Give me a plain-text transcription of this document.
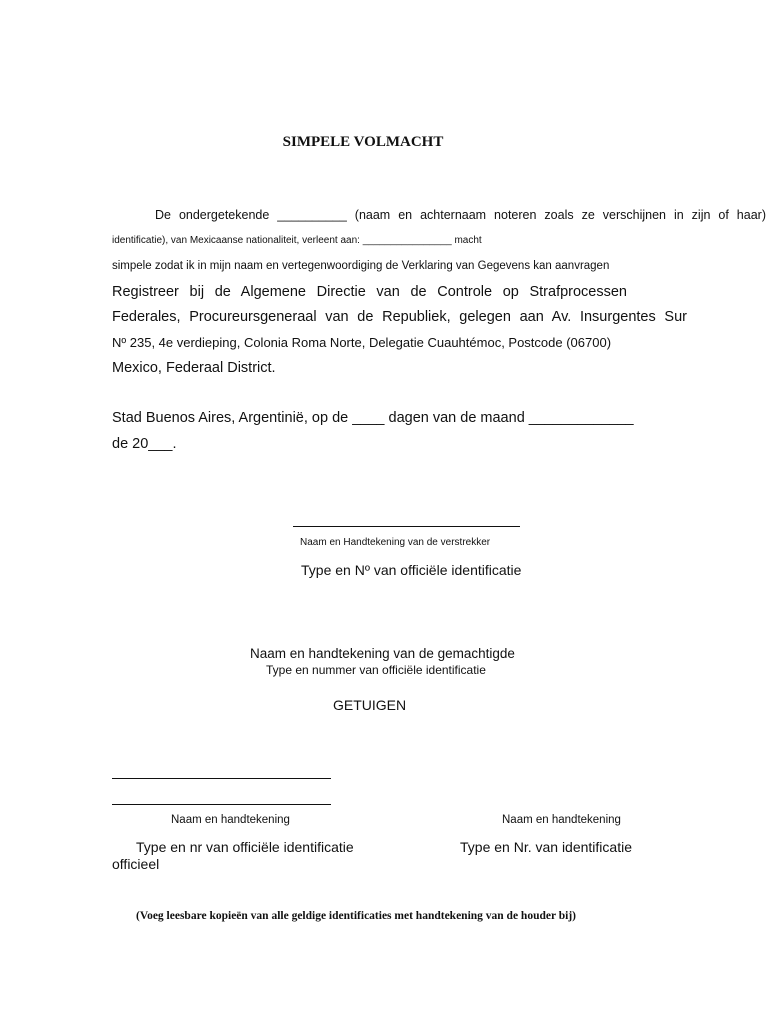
SIMPELE VOLMACHT
De ondergetekende __________ (naam en achternaam noteren zoals ze verschijnen in zijn of haar)
identificatie), van Mexicaanse nationaliteit, verleent aan: ________________ macht
simpele zodat ik in mijn naam en vertegenwoordiging de Verklaring van Gegevens kan aanvragen
Registreer bij de Algemene Directie van de Controle op Strafprocessen
Federales, Procureursgeneraal van de Republiek, gelegen aan Av. Insurgentes Sur
Nº 235, 4e verdieping, Colonia Roma Norte, Delegatie Cuauhtémoc, Postcode (06700)
Mexico, Federaal District.
Stad Buenos Aires, Argentinië, op de ____ dagen van de maand _____________
de 20___.
Naam en Handtekening van de verstrekker
Type en Nº van officiële identificatie
Naam en handtekening van de gemachtigde
Type en nummer van officiële identificatie
GETUIGEN
Naam en handtekening	Naam en handtekening
Type en nr van officiële identificatie
officieel
Type en Nr. van identificatie
(Voeg leesbare kopieën van alle geldige identificaties met handtekening van de houder bij)
